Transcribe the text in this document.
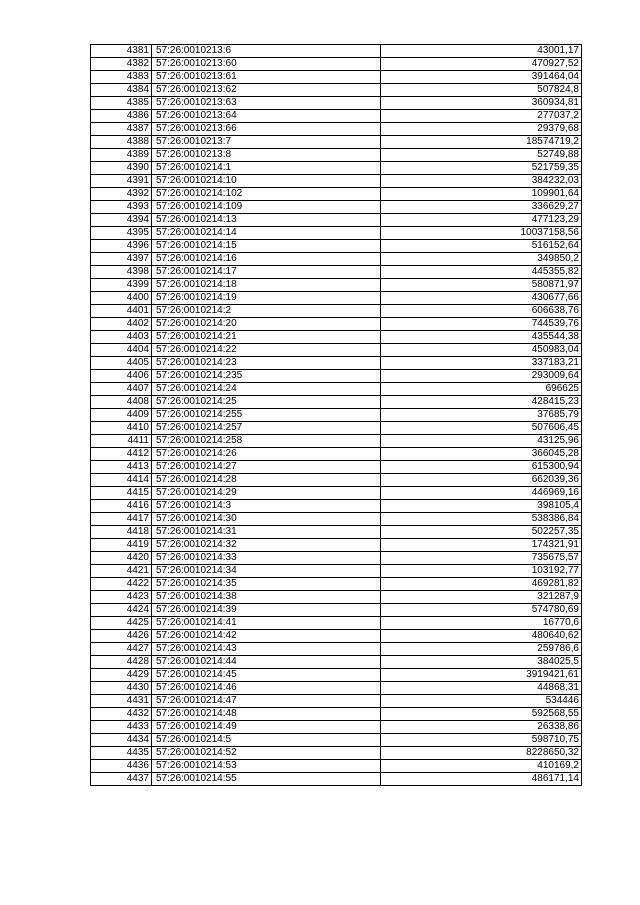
4381	57:26:0010213:6	43001,17
4382	57:26:0010213:60	470927,52
4383	57:26:0010213:61	391464,04
4384	57:26:0010213:62	507824,8
4385	57:26:0010213:63	360934,81
4386	57:26:0010213:64	277037,2
4387	57:26:0010213:66	29379,68
4388	57:26:0010213:7	18574719,2
4389	57:26:0010213:8	52749,88
4390	57:26:0010214:1	521759,35
4391	57:26:0010214:10	384232,03
4392	57:26:0010214:102	109901,64
4393	57:26:0010214:109	336629,27
4394	57:26:0010214:13	477123,29
4395	57:26:0010214:14	10037158,56
4396	57:26:0010214:15	516152,64
4397	57:26:0010214:16	349850,2
4398	57:26:0010214:17	445355,82
4399	57:26:0010214:18	580871,97
4400	57:26:0010214:19	430677,66
4401	57:26:0010214:2	606638,76
4402	57:26:0010214:20	744539,76
4403	57:26:0010214:21	435544,38
4404	57:26:0010214:22	450983,04
4405	57:26:0010214:23	337183,21
4406	57:26:0010214:235	293009,64
4407	57:26:0010214:24	696625
4408	57:26:0010214:25	428415,23
4409	57:26:0010214:255	37685,79
4410	57:26:0010214:257	507606,45
4411	57:26:0010214:258	43125,96
4412	57:26:0010214:26	366045,28
4413	57:26:0010214:27	615300,94
4414	57:26:0010214:28	662039,36
4415	57:26:0010214:29	446969,16
4416	57:26:0010214:3	398105,4
4417	57:26:0010214:30	538386,84
4418	57:26:0010214:31	502257,35
4419	57:26:0010214:32	174321,91
4420	57:26:0010214:33	735675,57
4421	57:26:0010214:34	103192,77
4422	57:26:0010214:35	469281,82
4423	57:26:0010214:38	321287,9
4424	57:26:0010214:39	574780,69
4425	57:26:0010214:41	16770,6
4426	57:26:0010214:42	480640,62
4427	57:26:0010214:43	259786,6
4428	57:26:0010214:44	384025,5
4429	57:26:0010214:45	3919421,61
4430	57:26:0010214:46	44868,31
4431	57:26:0010214:47	534446
4432	57:26:0010214:48	592568,55
4433	57:26:0010214:49	26338,86
4434	57:26:0010214:5	598710,75
4435	57:26:0010214:52	8228650,32
4436	57:26:0010214:53	410169,2
4437	57:26:0010214:55	486171,14
